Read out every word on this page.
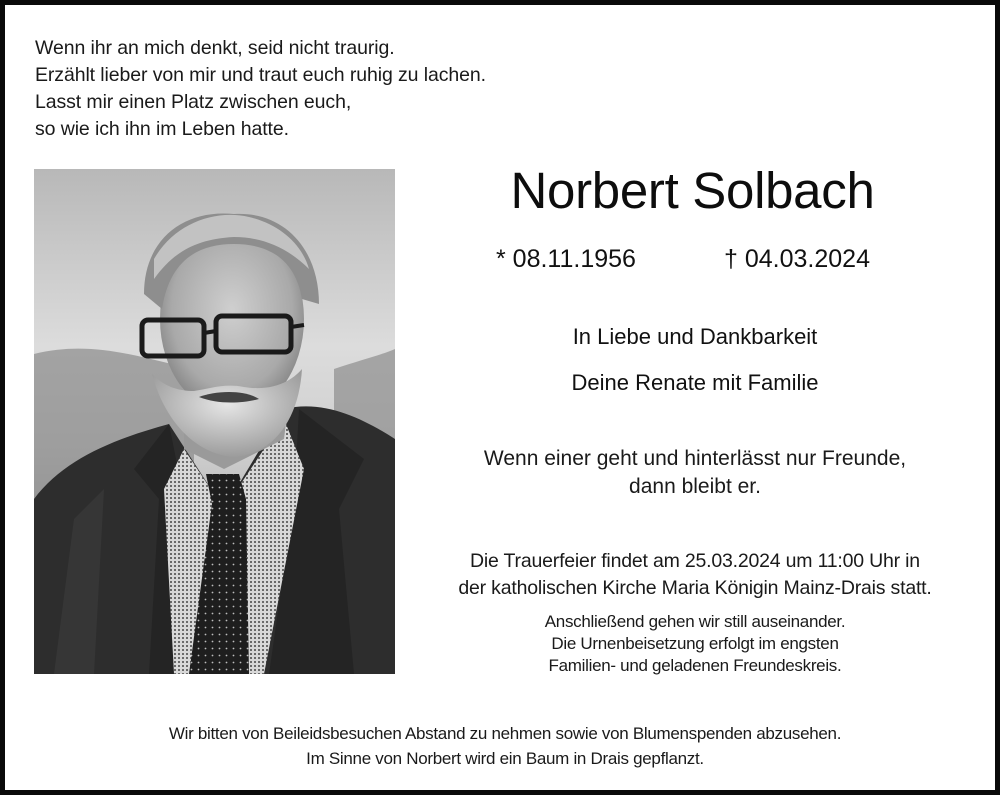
Wenn ihr an mich denkt, seid nicht traurig.
Erzählt lieber von mir und traut euch ruhig zu lachen.
Lasst mir einen Platz zwischen euch,
so wie ich ihn im Leben hatte.
Norbert Solbach
* 08.11.1956	† 04.03.2024
In Liebe und Dankbarkeit
Deine Renate mit Familie
Wenn einer geht und hinterlässt nur Freunde,
dann bleibt er.
Die Trauerfeier findet am 25.03.2024 um 11:00 Uhr in
der katholischen Kirche Maria Königin Mainz-Drais statt.
Anschließend gehen wir still auseinander.
Die Urnenbeisetzung erfolgt im engsten
Familien- und geladenen Freundeskreis.
Wir bitten von Beileidsbesuchen Abstand zu nehmen sowie von Blumenspenden abzusehen.
Im Sinne von Norbert wird ein Baum in Drais gepflanzt.
